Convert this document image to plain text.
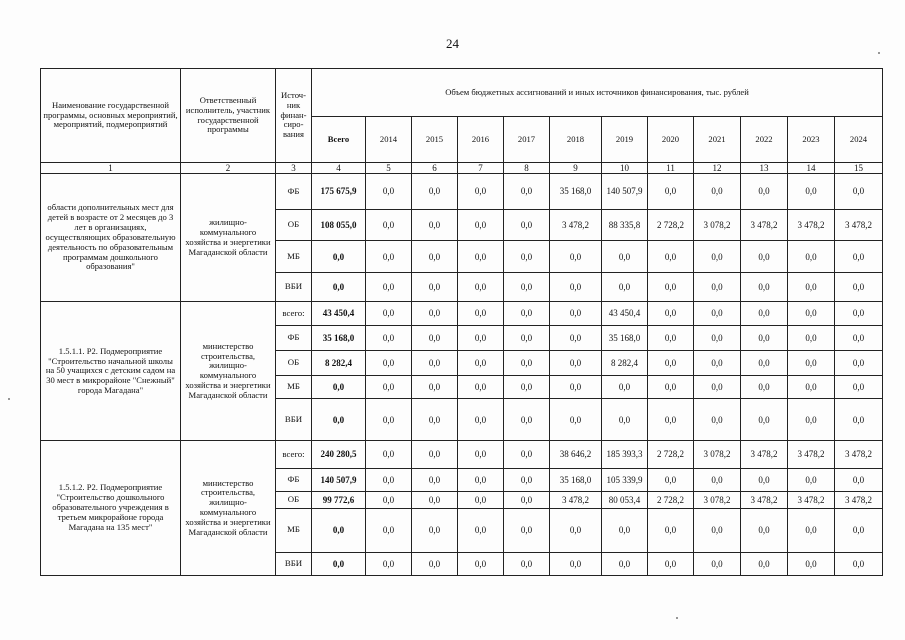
24
Наименование государственной программы, основных мероприятий, мероприятий, подмероприятий	Ответственный исполнитель, участник государственной программы	Источ-ник финан-сиро-вания	Объем бюджетных ассигнований и иных источников финансирования, тыс. рублей											
			Всего	2014	2015	2016	2017	2018	2019	2020	2021	2022	2023	2024
1	2	3	4	5	6	7	8	9	10	11	12	13	14	15
области дополнительных мест для детей в возрасте от 2 месяцев до 3 лет в организациях, осуществляющих образовательную деятельность по образовательным программам дошкольного образования"	жилищно-коммунального хозяйства и энергетики Магаданской области	ФБ	175 675,9	0,0	0,0	0,0	0,0	35 168,0	140 507,9	0,0	0,0	0,0	0,0	0,0
		ОБ	108 055,0	0,0	0,0	0,0	0,0	3 478,2	88 335,8	2 728,2	3 078,2	3 478,2	3 478,2	3 478,2
		МБ	0,0	0,0	0,0	0,0	0,0	0,0	0,0	0,0	0,0	0,0	0,0	0,0
		ВБИ	0,0	0,0	0,0	0,0	0,0	0,0	0,0	0,0	0,0	0,0	0,0	0,0
1.5.1.1. Р2. Подмероприятие "Строительство начальной школы на 50 учащихся с детским садом на 30 мест в микрорайоне "Снежный" города Магадана"	министерство строительства, жилищно-коммунального хозяйства и энергетики Магаданской области	всего:	43 450,4	0,0	0,0	0,0	0,0	0,0	43 450,4	0,0	0,0	0,0	0,0	0,0
		ФБ	35 168,0	0,0	0,0	0,0	0,0	0,0	35 168,0	0,0	0,0	0,0	0,0	0,0
		ОБ	8 282,4	0,0	0,0	0,0	0,0	0,0	8 282,4	0,0	0,0	0,0	0,0	0,0
		МБ	0,0	0,0	0,0	0,0	0,0	0,0	0,0	0,0	0,0	0,0	0,0	0,0
		ВБИ	0,0	0,0	0,0	0,0	0,0	0,0	0,0	0,0	0,0	0,0	0,0	0,0
1.5.1.2. Р2. Подмероприятие "Строительство дошкольного образовательного учреждения в третьем микрорайоне города Магадана на 135 мест"	министерство строительства, жилищно-коммунального хозяйства и энергетики Магаданской области	всего:	240 280,5	0,0	0,0	0,0	0,0	38 646,2	185 393,3	2 728,2	3 078,2	3 478,2	3 478,2	3 478,2
		ФБ	140 507,9	0,0	0,0	0,0	0,0	35 168,0	105 339,9	0,0	0,0	0,0	0,0	0,0
		ОБ	99 772,6	0,0	0,0	0,0	0,0	3 478,2	80 053,4	2 728,2	3 078,2	3 478,2	3 478,2	3 478,2
		МБ	0,0	0,0	0,0	0,0	0,0	0,0	0,0	0,0	0,0	0,0	0,0	0,0
		ВБИ	0,0	0,0	0,0	0,0	0,0	0,0	0,0	0,0	0,0	0,0	0,0	0,0
